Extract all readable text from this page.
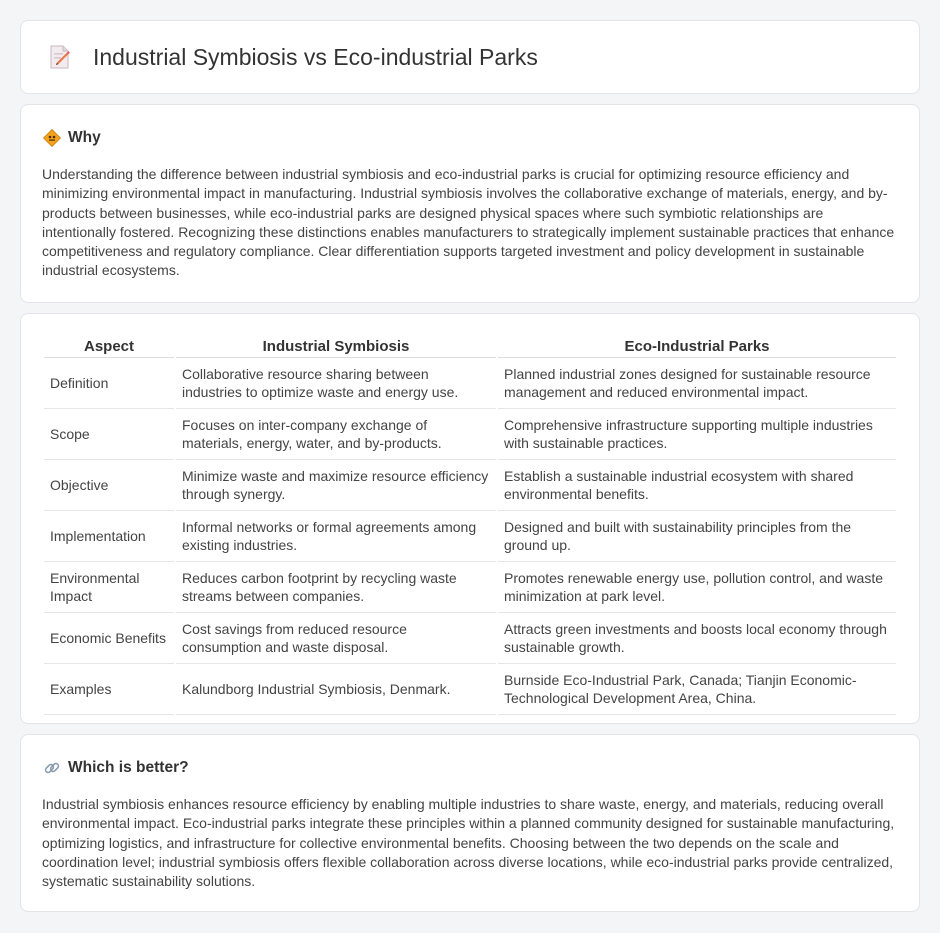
Industrial Symbiosis vs Eco-industrial Parks
Why

Understanding the difference between industrial symbiosis and eco-industrial parks is crucial for optimizing resource efficiency and minimizing environmental impact in manufacturing. Industrial symbiosis involves the collaborative exchange of materials, energy, and by-products between businesses, while eco-industrial parks are designed physical spaces where such symbiotic relationships are intentionally fostered. Recognizing these distinctions enables manufacturers to strategically implement sustainable practices that enhance competitiveness and regulatory compliance. Clear differentiation supports targeted investment and policy development in sustainable industrial ecosystems.

Aspect	Industrial Symbiosis	Eco-Industrial Parks
Definition	Collaborative resource sharing between industries to optimize waste and energy use.	Planned industrial zones designed for sustainable resource management and reduced environmental impact.
Scope	Focuses on inter-company exchange of materials, energy, water, and by-products.	Comprehensive infrastructure supporting multiple industries with sustainable practices.
Objective	Minimize waste and maximize resource efficiency through synergy.	Establish a sustainable industrial ecosystem with shared environmental benefits.
Implementation	Informal networks or formal agreements among existing industries.	Designed and built with sustainability principles from the ground up.
Environmental Impact	Reduces carbon footprint by recycling waste streams between companies.	Promotes renewable energy use, pollution control, and waste minimization at park level.
Economic Benefits	Cost savings from reduced resource consumption and waste disposal.	Attracts green investments and boosts local economy through sustainable growth.
Examples	Kalundborg Industrial Symbiosis, Denmark.	Burnside Eco-Industrial Park, Canada; Tianjin Economic-Technological Development Area, China.
Which is better?

Industrial symbiosis enhances resource efficiency by enabling multiple industries to share waste, energy, and materials, reducing overall environmental impact. Eco-industrial parks integrate these principles within a planned community designed for sustainable manufacturing, optimizing logistics, and infrastructure for collective environmental benefits. Choosing between the two depends on the scale and coordination level; industrial symbiosis offers flexible collaboration across diverse locations, while eco-industrial parks provide centralized, systematic sustainability solutions.
